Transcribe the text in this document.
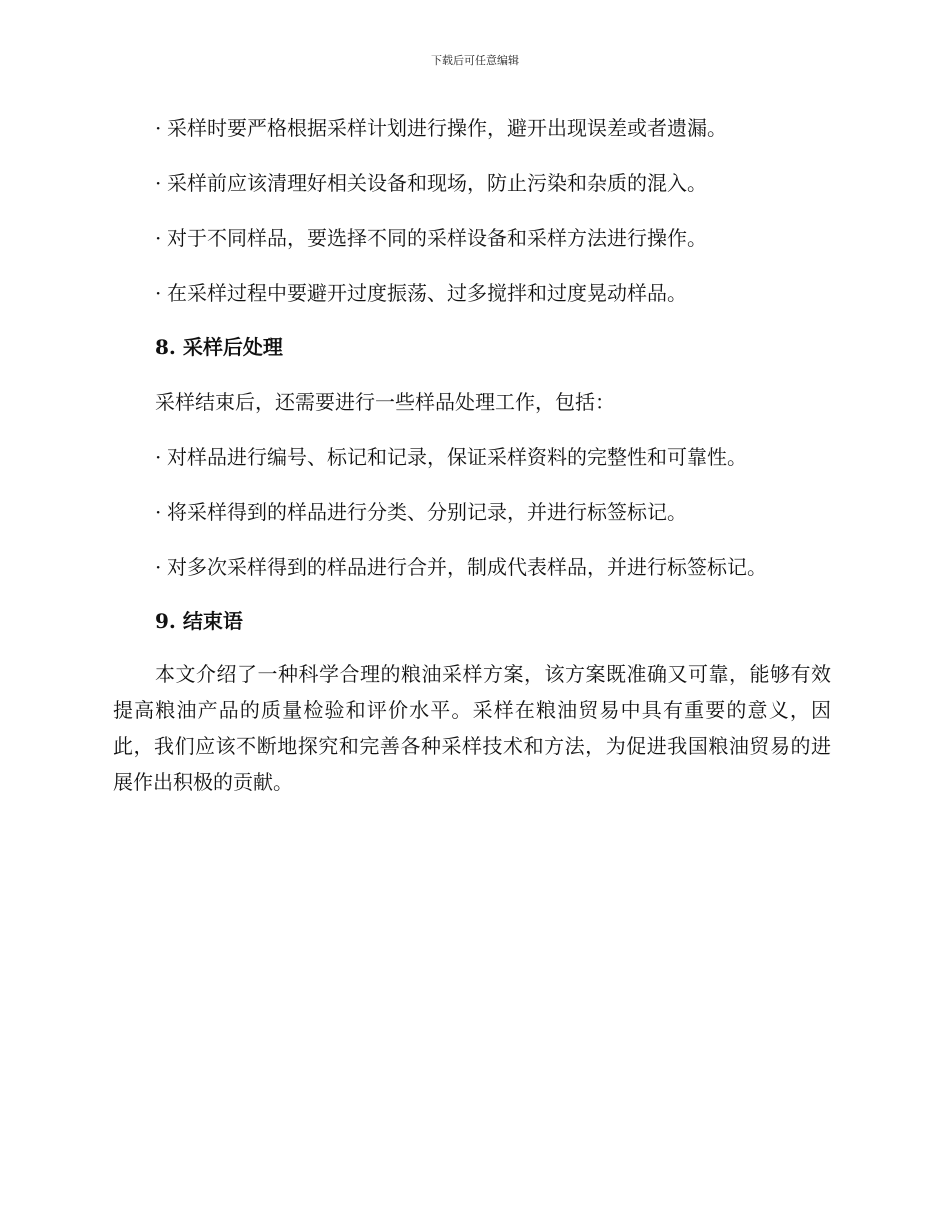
下载后可任意编辑
· 采样时要严格根据采样计划进行操作，避开出现误差或者遗漏。
· 采样前应该清理好相关设备和现场，防止污染和杂质的混入。
· 对于不同样品，要选择不同的采样设备和采样方法进行操作。
· 在采样过程中要避开过度振荡、过多搅拌和过度晃动样品。
8. 采样后处理
采样结束后，还需要进行一些样品处理工作，包括：
· 对样品进行编号、标记和记录，保证采样资料的完整性和可靠性。
· 将采样得到的样品进行分类、分别记录，并进行标签标记。
· 对多次采样得到的样品进行合并，制成代表样品，并进行标签标记。
9. 结束语
本文介绍了一种科学合理的粮油采样方案，该方案既准确又可靠，能够有效提高粮油产品的质量检验和评价水平。采样在粮油贸易中具有重要的意义，因此，我们应该不断地探究和完善各种采样技术和方法，为促进我国粮油贸易的进展作出积极的贡献。
